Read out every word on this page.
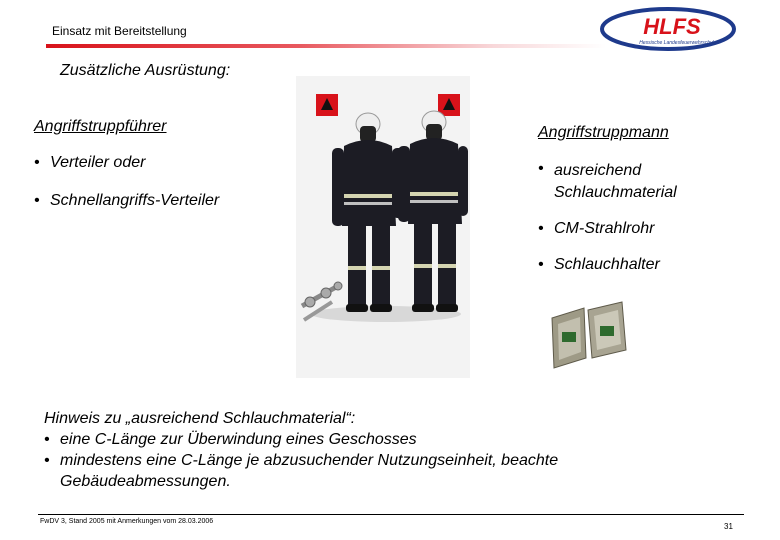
Einsatz mit Bereitstellung	HLFS
Hessische Landesfeuerwehrschule
Zusätzliche Ausrüstung:
Angriffstruppführer
• Verteiler oder
• Schnellangriffs-Verteiler
Angriffstruppmann
• ausreichend Schlauchmaterial
• CM-Strahlrohr
• Schlauchhalter
Hinweis zu „ausreichend Schlauchmaterial“:
• eine C-Länge zur Überwindung eines Geschosses
• mindestens eine C-Länge je abzusuchender Nutzungseinheit, beachte Gebäudeabmessungen.
FwDV 3, Stand 2005 mit Anmerkungen vom 28.03.2006
31
